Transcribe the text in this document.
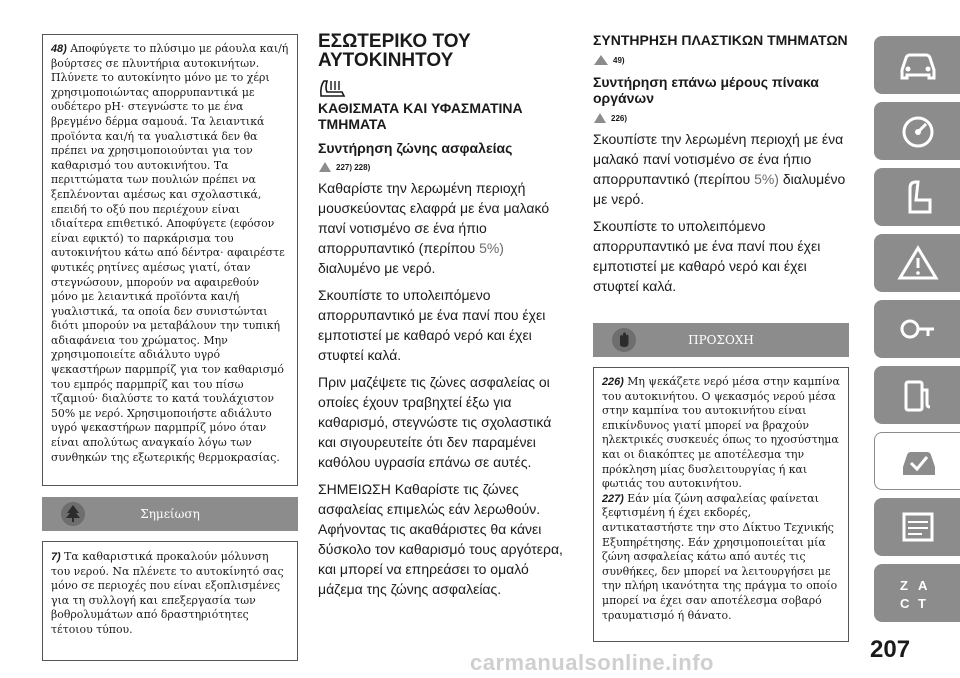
48) Αποφύγετε το πλύσιμο με ράουλα και/ή βούρτσες σε πλυντήρια αυτοκινήτων. Πλύνετε το αυτοκίνητο μόνο με το χέρι χρησιμοποιώντας απορρυπαντικά με ουδέτερο pH· στεγνώστε το με ένα βρεγμένο δέρμα σαμουά. Τα λειαντικά προϊόντα και/ή τα γυαλιστικά δεν θα πρέπει να χρησιμοποιούνται για τον καθαρισμό του αυτοκινήτου. Τα περιττώματα των πουλιών πρέπει να ξεπλένονται αμέσως και σχολαστικά, επειδή το οξύ που περιέχουν είναι ιδιαίτερα επιθετικό. Αποφύγετε (εφόσον είναι εφικτό) το παρκάρισμα του αυτοκινήτου κάτω από δέντρα· αφαιρέστε φυτικές ρητίνες αμέσως γιατί, όταν στεγνώσουν, μπορούν να αφαιρεθούν μόνο με λειαντικά προϊόντα και/ή γυαλιστικά, τα οποία δεν συνιστώνται διότι μπορούν να μεταβάλουν την τυπική αδιαφάνεια του χρώματος. Μην χρησιμοποιείτε αδιάλυτο υγρό ψεκαστήρων παρμπρίζ για τον καθαρισμό του εμπρός παρμπρίζ και του πίσω τζαμιού· διαλύστε το κατά τουλάχιστον 50% με νερό. Χρησιμοποιήστε αδιάλυτο υγρό ψεκαστήρων παρμπρίζ μόνο όταν είναι απολύτως αναγκαίο λόγω των συνθηκών της εξωτερικής θερμοκρασίας.

Σημείωση

7) Τα καθαριστικά προκαλούν μόλυνση του νερού. Να πλένετε το αυτοκίνητό σας μόνο σε περιοχές που είναι εξοπλισμένες για τη συλλογή και επεξεργασία των βοθρολυμάτων από δραστηριότητες τέτοιου τύπου.

ΕΣΩΤΕΡΙΚΟ ΤΟΥ ΑΥΤΟΚΙΝΗΤΟΥ
ΚΑΘΙΣΜΑΤΑ ΚΑΙ ΥΦΑΣΜΑΤΙΝΑ ΤΜΗΜΑΤΑ
Συντήρηση ζώνης ασφαλείας
227) 228)

Καθαρίστε την λερωμένη περιοχή μουσκεύοντας ελαφρά με ένα μαλακό πανί νοτισμένο σε ένα ήπιο απορρυπαντικό (περίπου 5%) διαλυμένο με νερό.

Σκουπίστε το υπολειπόμενο απορρυπαντικό με ένα πανί που έχει εμποτιστεί με καθαρό νερό και έχει στυφτεί καλά.

Πριν μαζέψετε τις ζώνες ασφαλείας οι οποίες έχουν τραβηχτεί έξω για καθαρισμό, στεγνώστε τις σχολαστικά και σιγουρευτείτε ότι δεν παραμένει καθόλου υγρασία επάνω σε αυτές.

ΣΗΜΕΙΩΣΗ Καθαρίστε τις ζώνες ασφαλείας επιμελώς εάν λερωθούν. Αφήνοντας τις ακαθάριστες θα κάνει δύσκολο τον καθαρισμό τους αργότερα, και μπορεί να επηρεάσει το ομαλό μάζεμα της ζώνης ασφαλείας.

ΣΥΝΤΗΡΗΣΗ ΠΛΑΣΤΙΚΩΝ ΤΜΗΜΑΤΩΝ
49)
Συντήρηση επάνω μέρους πίνακα οργάνων
226)

Σκουπίστε την λερωμένη περιοχή με ένα μαλακό πανί νοτισμένο σε ένα ήπιο απορρυπαντικό (περίπου 5%) διαλυμένο με νερό.

Σκουπίστε το υπολειπόμενο απορρυπαντικό με ένα πανί που έχει εμποτιστεί με καθαρό νερό και έχει στυφτεί καλά.

ΠΡΟΣΟΧΗ

226) Μη ψεκάζετε νερό μέσα στην καμπίνα του αυτοκινήτου. Ο ψεκασμός νερού μέσα στην καμπίνα του αυτοκινήτου είναι επικίνδυνος γιατί μπορεί να βραχούν ηλεκτρικές συσκευές όπως το ηχοσύστημα και οι διακόπτες με αποτέλεσμα την πρόκληση μίας δυσλειτουργίας ή και φωτιάς του αυτοκινήτου.

227) Εάν μία ζώνη ασφαλείας φαίνεται ξεφτισμένη ή έχει εκδορές, αντικαταστήστε την στο Δίκτυο Τεχνικής Εξυπηρέτησης. Εάν χρησιμοποιείται μία ζώνη ασφαλείας κάτω από αυτές τις συνθήκες, δεν μπορεί να λειτουργήσει με την πλήρη ικανότητα της πράγμα το οποίο μπορεί να έχει σαν αποτέλεσμα σοβαρό τραυματισμό ή θάνατο.

Z A
C T
207
carmanualsonline.info
